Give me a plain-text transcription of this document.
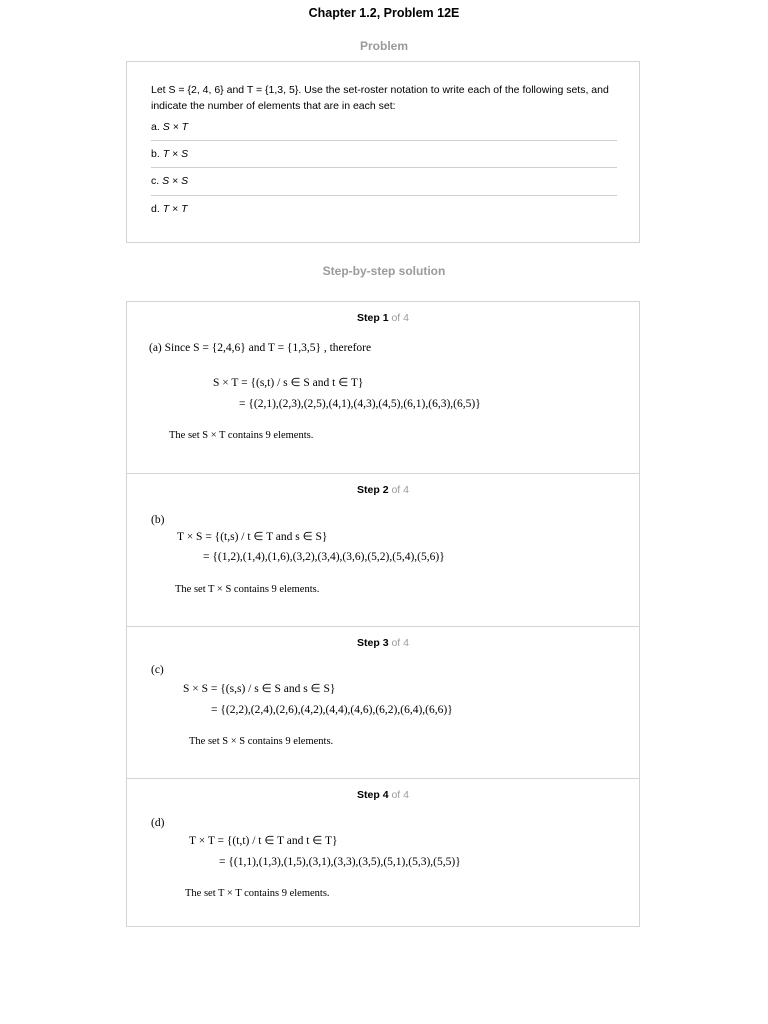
Chapter 1.2, Problem 12E
Problem
Let S = {2, 4, 6} and T = {1,3, 5}. Use the set-roster notation to write each of the following sets, and indicate the number of elements that are in each set:
a. S × T
b. T × S
c. S × S
d. T × T
Step-by-step solution
Step 1 of 4
(a) Since S = {2,4,6} and T = {1,3,5} , therefore
S × T = {(s,t) / s ∈ S and t ∈ T}
= {(2,1),(2,3),(2,5),(4,1),(4,3),(4,5),(6,1),(6,3),(6,5)}
The set S × T contains 9 elements.
Step 2 of 4
(b)
T × S = {(t,s) / t ∈ T and s ∈ S}
= {(1,2),(1,4),(1,6),(3,2),(3,4),(3,6),(5,2),(5,4),(5,6)}
The set T × S contains 9 elements.
Step 3 of 4
(c)
S × S = {(s,s) / s ∈ S and s ∈ S}
= {(2,2),(2,4),(2,6),(4,2),(4,4),(4,6),(6,2),(6,4),(6,6)}
The set S × S contains 9 elements.
Step 4 of 4
(d)
T × T = {(t,t) / t ∈ T and t ∈ T}
= {(1,1),(1,3),(1,5),(3,1),(3,3),(3,5),(5,1),(5,3),(5,5)}
The set T × T contains 9 elements.
